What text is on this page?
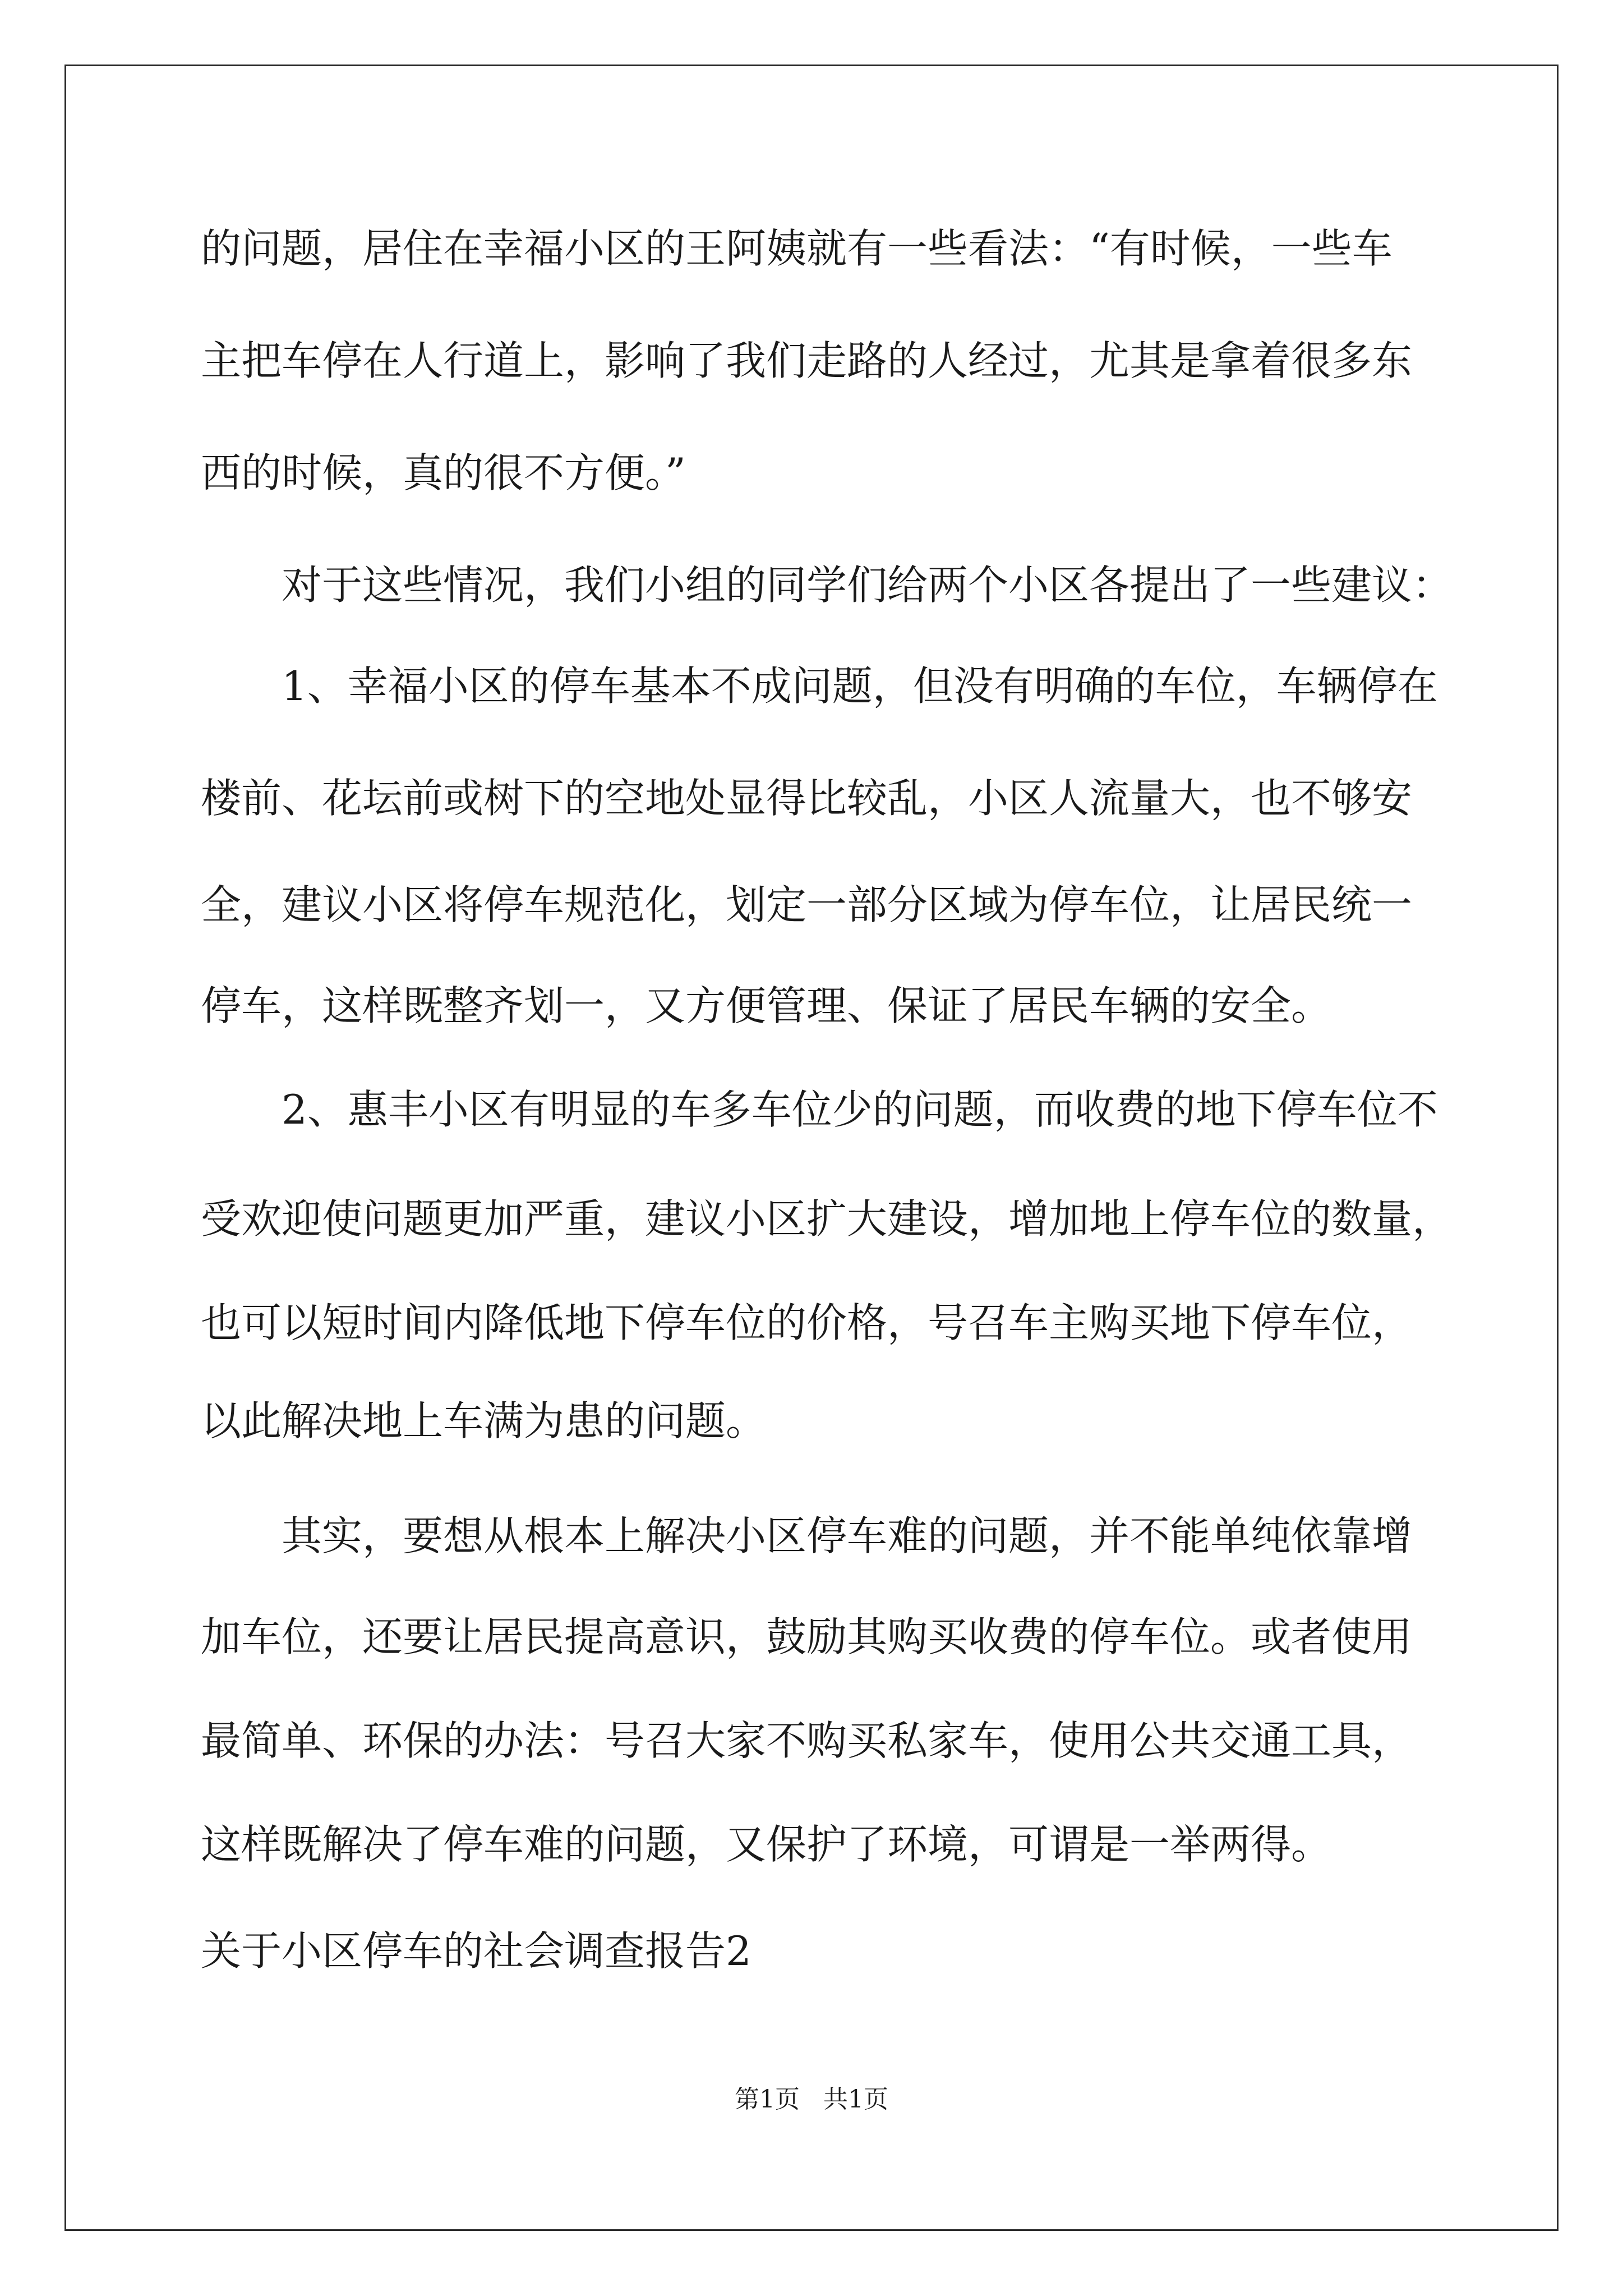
的问题，居住在幸福小区的王阿姨就有一些看法：“有时候，一些车
主把车停在人行道上，影响了我们走路的人经过，尤其是拿着很多东
西的时候，真的很不方便。”
对于这些情况，我们小组的同学们给两个小区各提出了一些建议：
1、幸福小区的停车基本不成问题，但没有明确的车位，车辆停在
楼前、花坛前或树下的空地处显得比较乱，小区人流量大，也不够安
全，建议小区将停车规范化，划定一部分区域为停车位，让居民统一
停车，这样既整齐划一，又方便管理、保证了居民车辆的安全。
2、惠丰小区有明显的车多车位少的问题，而收费的地下停车位不
受欢迎使问题更加严重，建议小区扩大建设，增加地上停车位的数量，
也可以短时间内降低地下停车位的价格，号召车主购买地下停车位，
以此解决地上车满为患的问题。
其实，要想从根本上解决小区停车难的问题，并不能单纯依靠增
加车位，还要让居民提高意识，鼓励其购买收费的停车位。或者使用
最简单、环保的办法：号召大家不购买私家车，使用公共交通工具，
这样既解决了停车难的问题，又保护了环境，可谓是一举两得。
关于小区停车的社会调查报告2
第1页   共1页
